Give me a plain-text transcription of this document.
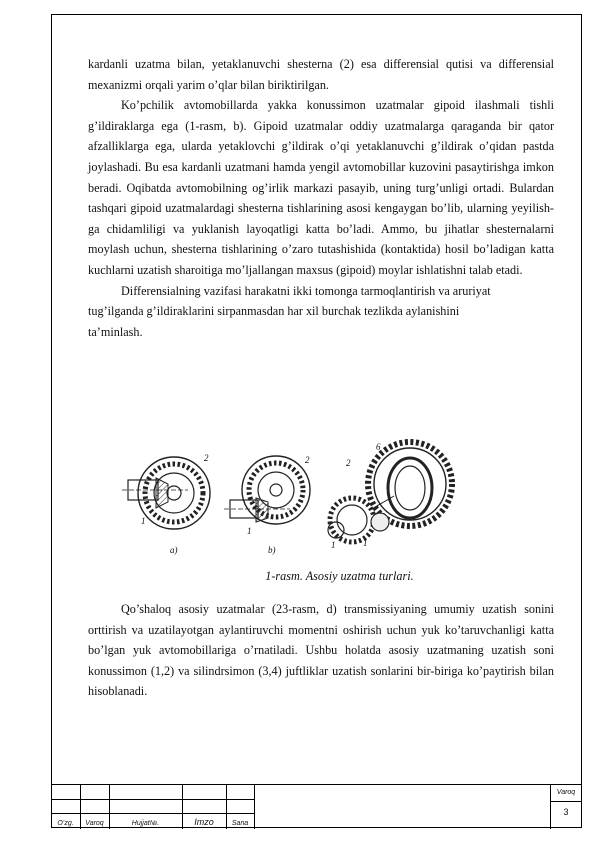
kardanli uzatma bilan, yetaklanuvchi shesterna (2) esa differensial qutisi va differensial mexanizmi orqali yarim o’qlar bilan biriktirilgan.

Ko’pchilik avtomobillarda yakka konussimon uzatmalar gipoid ilashmali tishli g’ildiraklarga ega (1-rasm, b). Gipoid uzatmalar oddiy uzatmalarga qaraganda bir qator afzalliklarga ega, ularda yetaklovchi g’ildirak o’qi yetaklanuvchi g’ildirak o’qidan pastda joylashadi. Bu esa kardanli uzatmani hamda yengil avtomobillar kuzovini pasaytirishga imkon beradi. Oqibatda avtomobilning og’irlik markazi pasayib, uning turg’unligi ortadi. Bulardan tashqari gipoid uzatmalardagi shesterna tishlarining asosi kengaygan bo’lib, ularning yeyilish-ga chidamliligi va yuklanish layoqatligi katta bo’ladi. Ammo, bu jihatlar shesternalarni moylash uchun, shesterna tishlarining o’zaro tutashishida (kontaktida) hosil bo’ladigan katta kuchlarni uzatish sharoitiga mo’ljallangan maxsus (gipoid) moylar ishlatishni talab etadi.

Differensialning vazifasi harakatni ikki tomonga tarmoqlantirish va aruriyat

tug’ilganda g’ildiraklarini sirpanmasdan har xil burchak tezlikda aylanishini

ta’minlash.

2
1
2
1
2
6
1	1
a)	b)
1-rasm. Asosiy uzatma turlari.

Qo’shaloq asosiy uzatmalar (23-rasm, d) transmissiyaning umumiy uzatish sonini orttirish va uzatilayotgan aylantiruvchi momentni oshirish uchun yuk ko’taruvchanligi katta bo’lgan yuk avtomobillariga o’rnatiladi. Ushbu holatda asosiy uzatmaning uzatish soni konussimon (1,2) va silindrsimon (3,4) juftliklar uzatish sonlarini bir-biriga ko’paytirish bilan hisoblanadi.

O’zg.	Varoq	Hujjat№.	Imzo	Sana
Varoq
3
